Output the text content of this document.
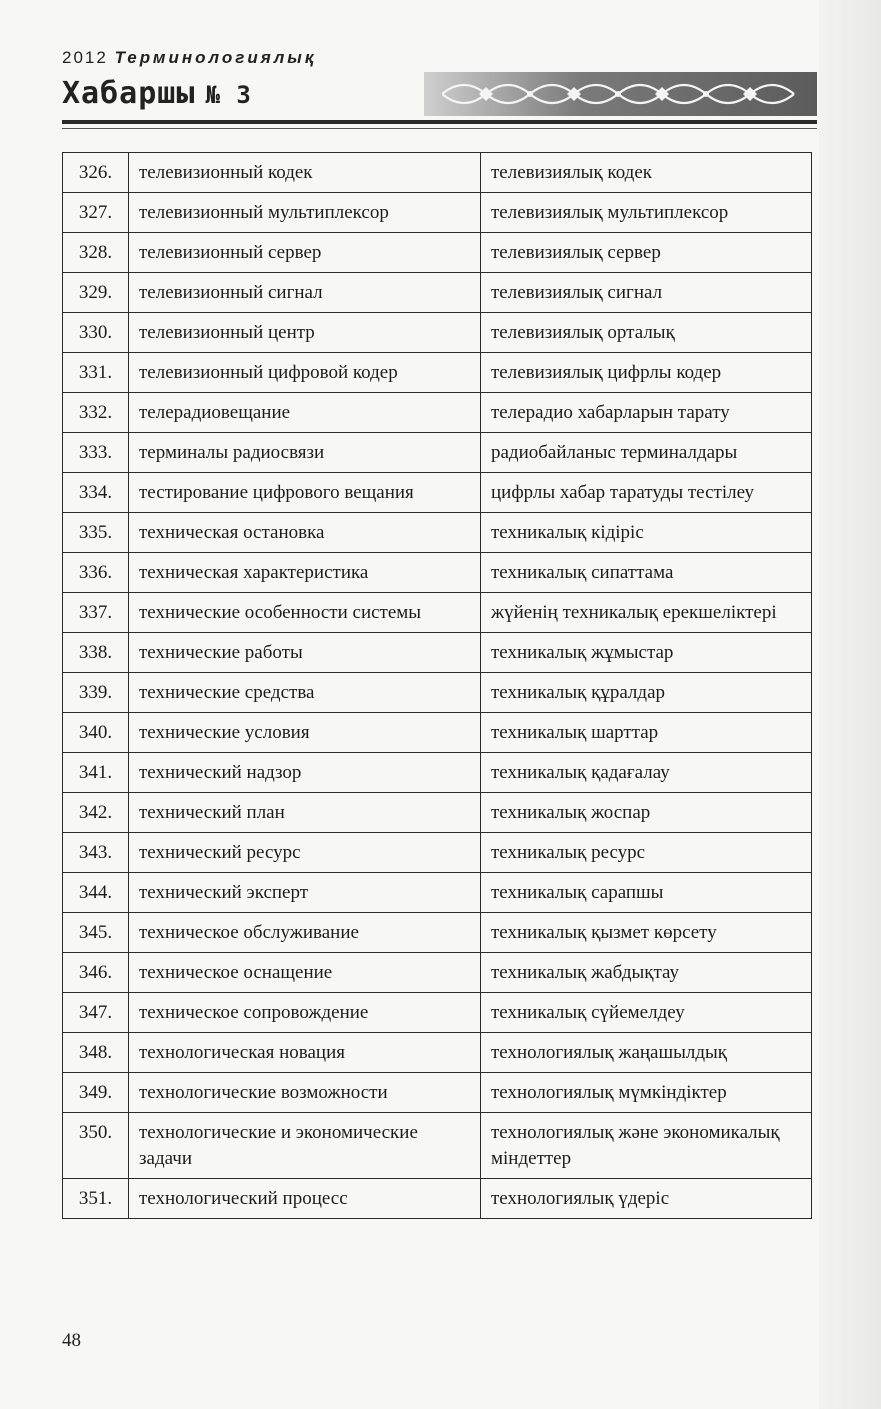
2012 Терминологиялық
Хабаршы № 3
326.	телевизионный кодек	телевизиялық кодек
327.	телевизионный мультиплексор	телевизиялық мультиплексор
328.	телевизионный сервер	телевизиялық сервер
329.	телевизионный сигнал	телевизиялық сигнал
330.	телевизионный центр	телевизиялық орталық
331.	телевизионный цифровой кодер	телевизиялық цифрлы кодер
332.	телерадиовещание	телерадио хабарларын тарату
333.	терминалы радиосвязи	радиобайланыс терминалдары
334.	тестирование цифрового вещания	цифрлы хабар таратуды тестілеу
335.	техническая остановка	техникалық кідіріс
336.	техническая характеристика	техникалық сипаттама
337.	технические особенности системы	жүйенің техникалық ерекшеліктері
338.	технические работы	техникалық жұмыстар
339.	технические средства	техникалық құралдар
340.	технические условия	техникалық шарттар
341.	технический надзор	техникалық қадағалау
342.	технический план	техникалық жоспар
343.	технический ресурс	техникалық ресурс
344.	технический эксперт	техникалық сарапшы
345.	техническое обслуживание	техникалық қызмет көрсету
346.	техническое оснащение	техникалық жабдықтау
347.	техническое сопровождение	техникалық сүйемелдеу
348.	технологическая новация	технологиялық жаңашылдық
349.	технологические возможности	технологиялық мүмкіндіктер
350.	технологические и экономические задачи	технологиялық және экономикалық міндеттер
351.	технологический процесс	технологиялық үдеріс
48
